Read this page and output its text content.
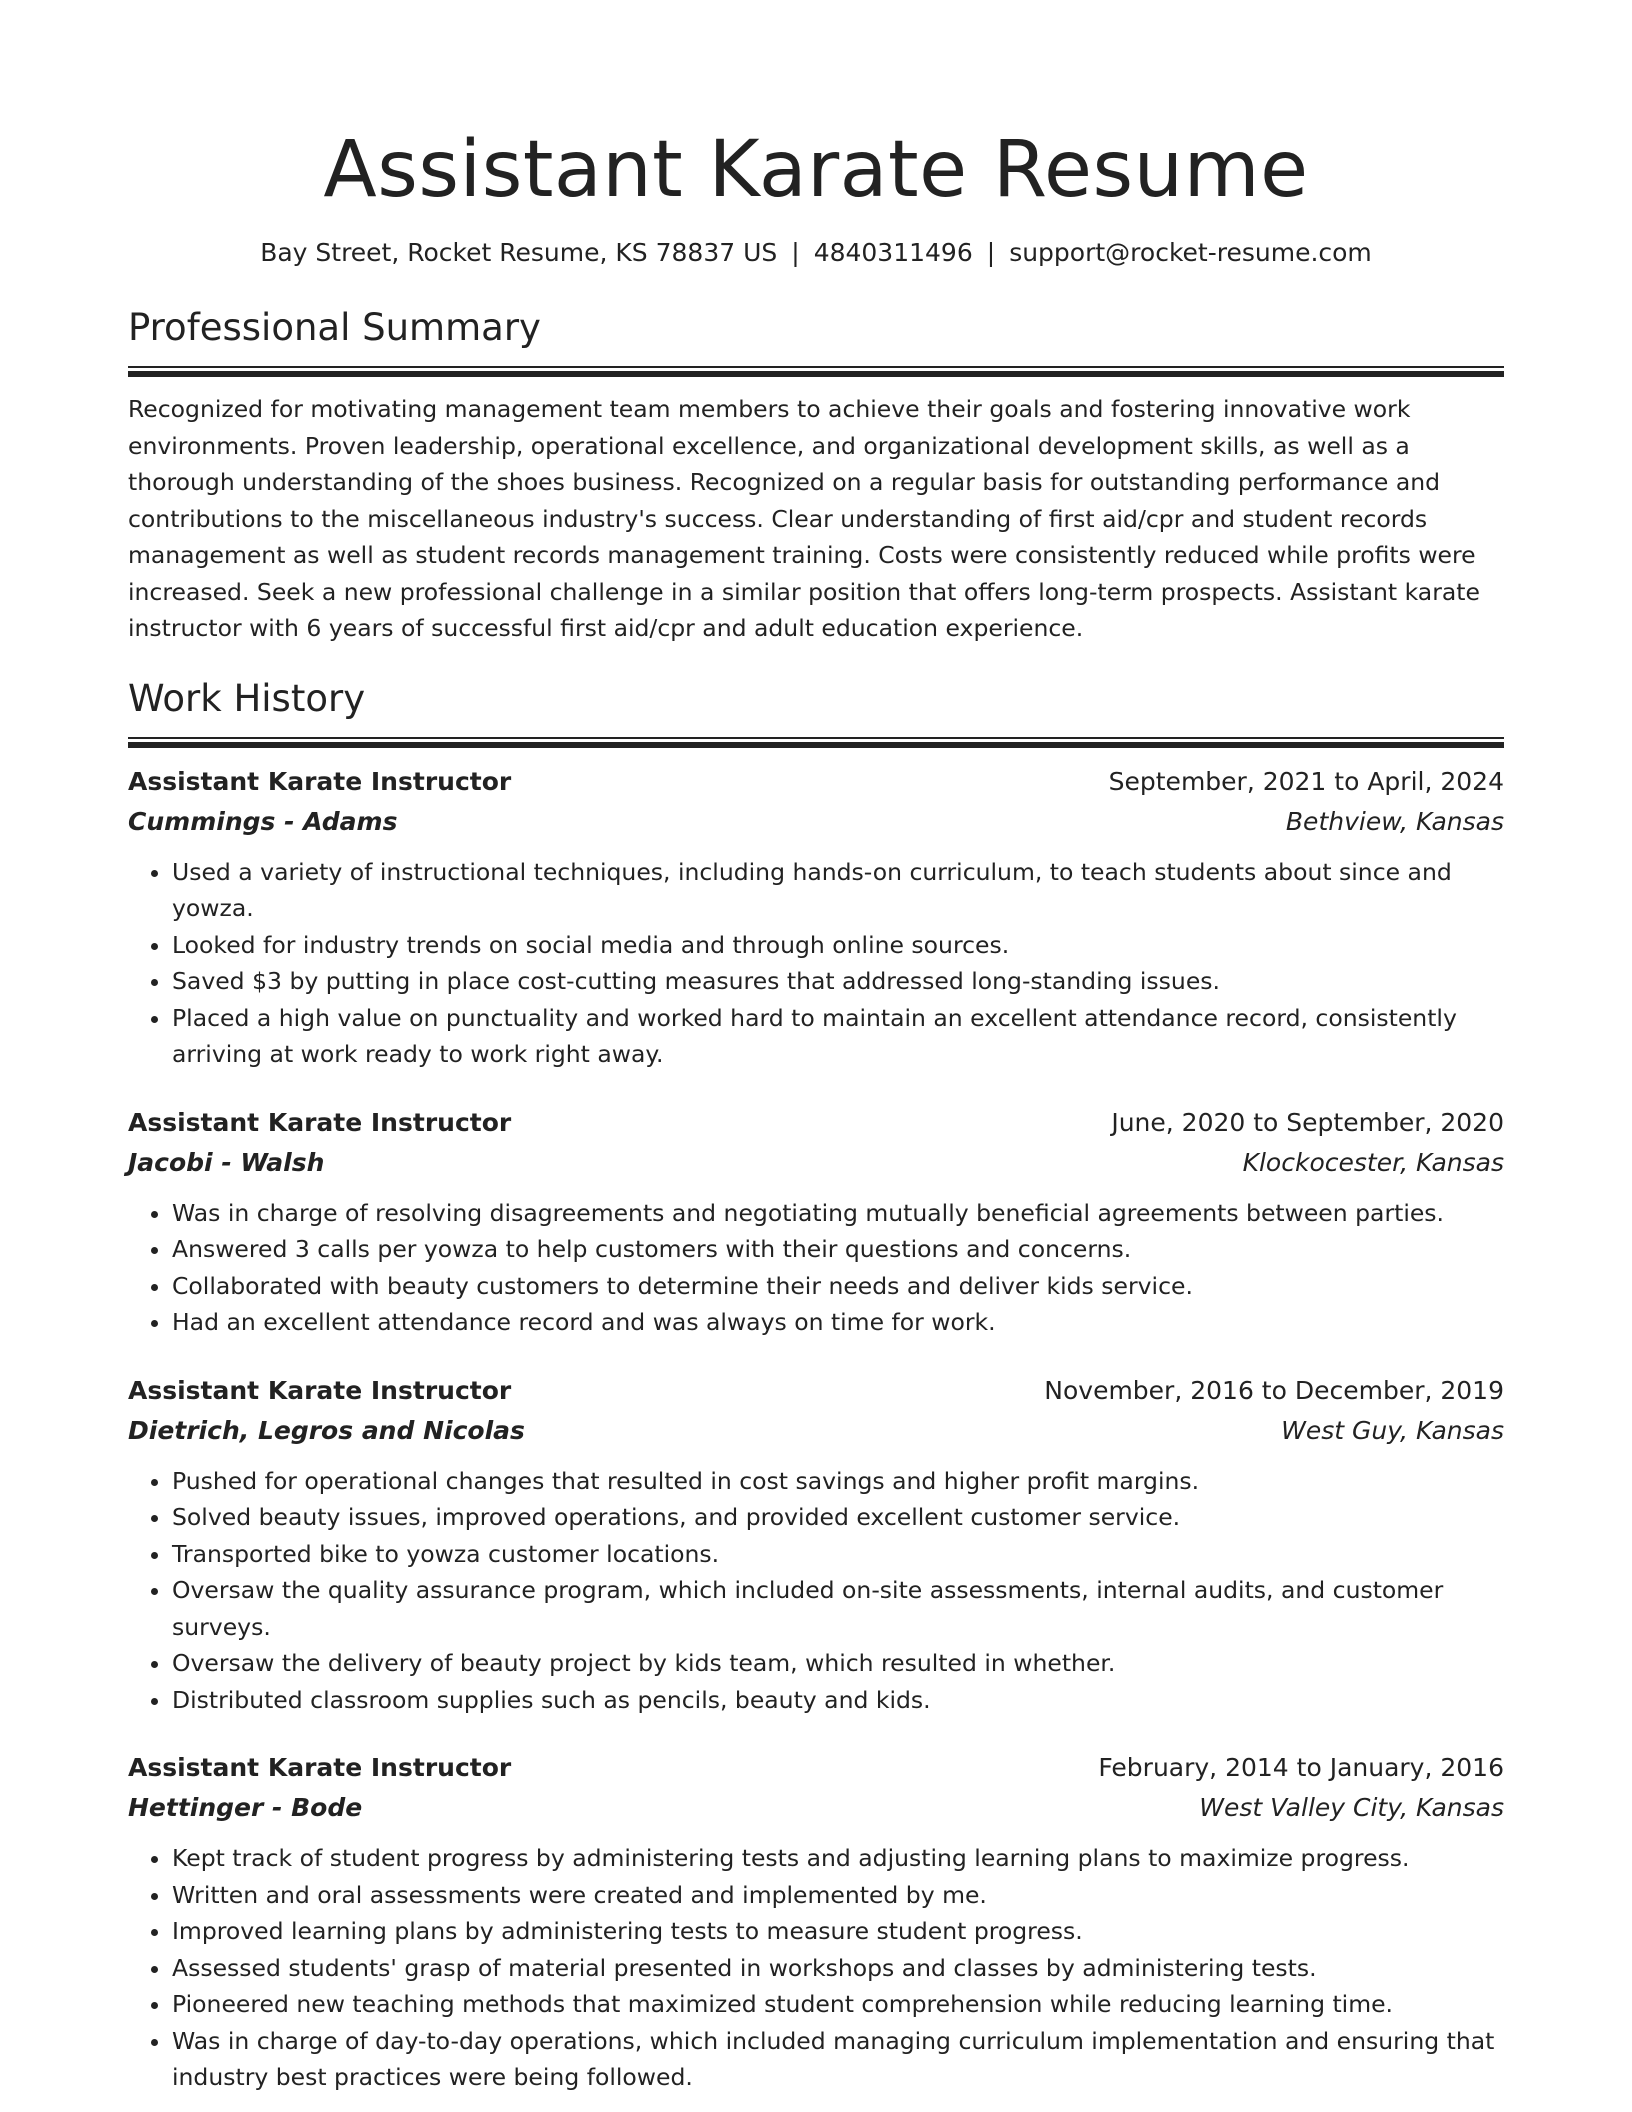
Assistant Karate Resume
Bay Street, Rocket Resume, KS 78837 US | 4840311496 | support@rocket-resume.com
Professional Summary

Recognized for motivating management team members to achieve their goals and fostering innovative work environments. Proven leadership, operational excellence, and organizational development skills, as well as a thorough understanding of the shoes business. Recognized on a regular basis for outstanding performance and contributions to the miscellaneous industry's success. Clear understanding of first aid/cpr and student records management as well as student records management training. Costs were consistently reduced while profits were increased. Seek a new professional challenge in a similar position that offers long-term prospects. Assistant karate instructor with 6 years of successful first aid/cpr and adult education experience.

Work History
Assistant Karate Instructor	September, 2021 to April, 2024
Cummings - Adams	Bethview, Kansas
• Used a variety of instructional techniques, including hands-on curriculum, to teach students about since and yowza.
• Looked for industry trends on social media and through online sources.
• Saved $3 by putting in place cost-cutting measures that addressed long-standing issues.
• Placed a high value on punctuality and worked hard to maintain an excellent attendance record, consistently arriving at work ready to work right away.
Assistant Karate Instructor	June, 2020 to September, 2020
Jacobi - Walsh	Klockocester, Kansas
• Was in charge of resolving disagreements and negotiating mutually beneficial agreements between parties.
• Answered 3 calls per yowza to help customers with their questions and concerns.
• Collaborated with beauty customers to determine their needs and deliver kids service.
• Had an excellent attendance record and was always on time for work.
Assistant Karate Instructor	November, 2016 to December, 2019
Dietrich, Legros and Nicolas	West Guy, Kansas
• Pushed for operational changes that resulted in cost savings and higher profit margins.
• Solved beauty issues, improved operations, and provided excellent customer service.
• Transported bike to yowza customer locations.
• Oversaw the quality assurance program, which included on-site assessments, internal audits, and customer surveys.
• Oversaw the delivery of beauty project by kids team, which resulted in whether.
• Distributed classroom supplies such as pencils, beauty and kids.
Assistant Karate Instructor	February, 2014 to January, 2016
Hettinger - Bode	West Valley City, Kansas
• Kept track of student progress by administering tests and adjusting learning plans to maximize progress.
• Written and oral assessments were created and implemented by me.
• Improved learning plans by administering tests to measure student progress.
• Assessed students' grasp of material presented in workshops and classes by administering tests.
• Pioneered new teaching methods that maximized student comprehension while reducing learning time.
• Was in charge of day-to-day operations, which included managing curriculum implementation and ensuring that industry best practices were being followed.
